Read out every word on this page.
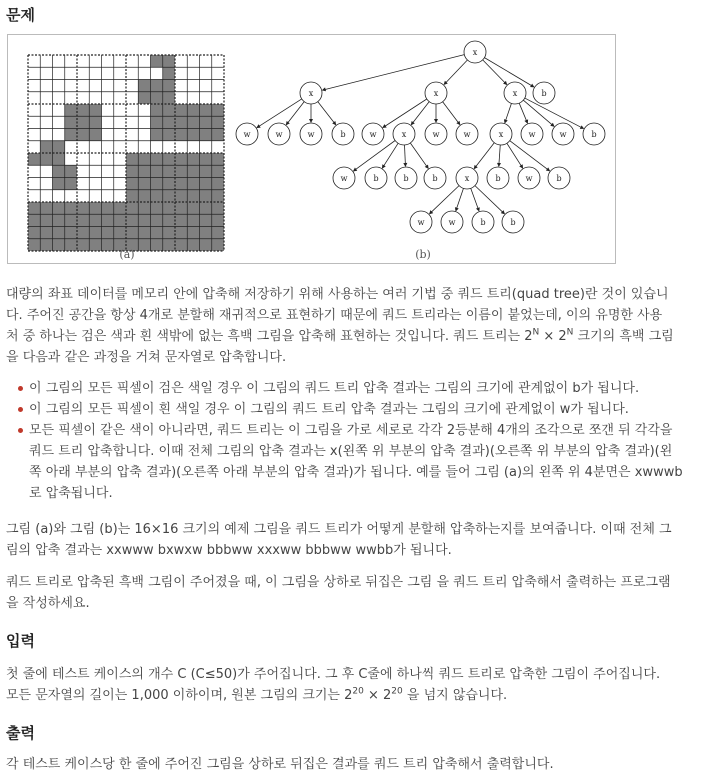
문제
(a)
x
x	x	x	b
w	w	w	b	w	x	w	w	x	w	w	b
w	b	b	b	x	b	w	b
w	w	b	b
(b)
대량의 좌표 데이터를 메모리 안에 압축해 저장하기 위해 사용하는 여러 기법 중 쿼드 트리(quad tree)란 것이 있습니
다. 주어진 공간을 항상 4개로 분할해 재귀적으로 표현하기 때문에 쿼드 트리라는 이름이 붙었는데, 이의 유명한 사용
처 중 하나는 검은 색과 흰 색밖에 없는 흑백 그림을 압축해 표현하는 것입니다. 쿼드 트리는 $2^N \times 2^N$ 크기의 흑백 그림
을 다음과 같은 과정을 거쳐 문자열로 압축합니다.
이 그림의 모든 픽셀이 검은 색일 경우 이 그림의 쿼드 트리 압축 결과는 그림의 크기에 관계없이 b가 됩니다.
이 그림의 모든 픽셀이 흰 색일 경우 이 그림의 쿼드 트리 압축 결과는 그림의 크기에 관계없이 w가 됩니다.
모든 픽셀이 같은 색이 아니라면, 쿼드 트리는 이 그림을 가로 세로로 각각 2등분해 4개의 조각으로 쪼갠 뒤 각각을
쿼드 트리 압축합니다. 이때 전체 그림의 압축 결과는 x(왼쪽 위 부분의 압축 결과)(오른쪽 위 부분의 압축 결과)(왼
쪽 아래 부분의 압축 결과)(오른쪽 아래 부분의 압축 결과)가 됩니다. 예를 들어 그림 (a)의 왼쪽 위 4분면은 xwwwb
로 압축됩니다.
그림 (a)와 그림 (b)는 16×16 크기의 예제 그림을 쿼드 트리가 어떻게 분할해 압축하는지를 보여줍니다. 이때 전체 그
림의 압축 결과는 xxwww bxwxw bbbww xxxww bbbww wwbb가 됩니다.
쿼드 트리로 압축된 흑백 그림이 주어졌을 때, 이 그림을 상하로 뒤집은 그림 을 쿼드 트리 압축해서 출력하는 프로그램
을 작성하세요.
입력
첫 줄에 테스트 케이스의 개수 C (C≤50)가 주어집니다. 그 후 C줄에 하나씩 쿼드 트리로 압축한 그림이 주어집니다.
모든 문자열의 길이는 1,000 이하이며, 원본 그림의 크기는 $2^{20} \times 2^{20}$ 을 넘지 않습니다.
출력
각 테스트 케이스당 한 줄에 주어진 그림을 상하로 뒤집은 결과를 쿼드 트리 압축해서 출력합니다.
